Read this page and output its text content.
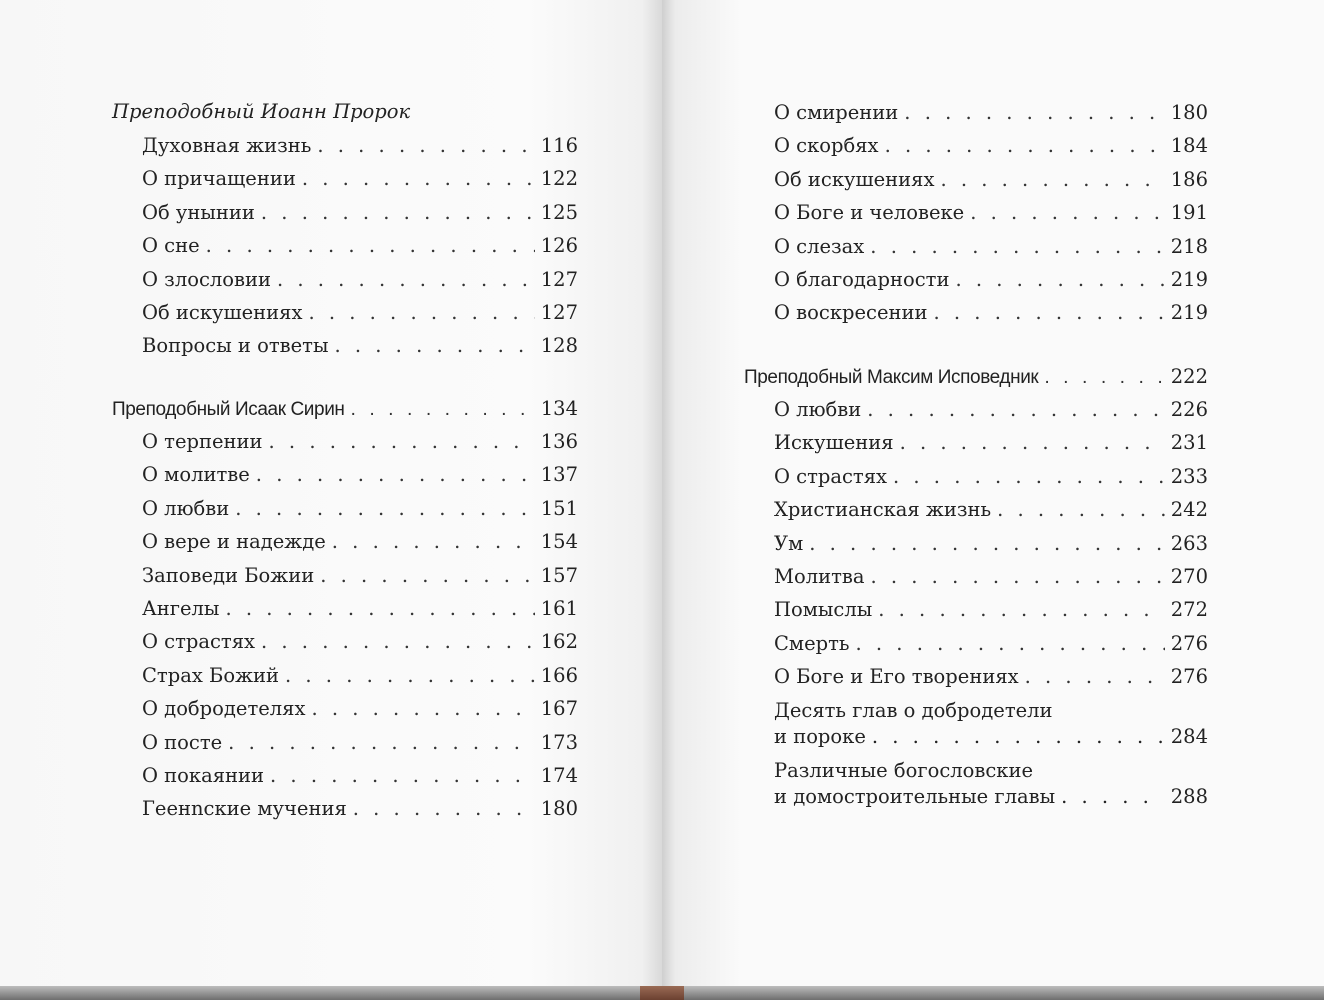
Преподобный Иоанн Пророк
Духовная жизнь . . .	116
О причащении . . .	122
Об унынии . . .	125
О сне . . .	126
О злословии . . .	127
Об искушениях . . .	127
Вопросы и ответы . . .	128
Преподобный Исаак Сирин . . .	134
О терпении . . .	136
О молитве . . .	137
О любви . . .	151
О вере и надежде . . .	154
Заповеди Божии . . .	157
Ангелы . . .	161
О страстях . . .	162
Страх Божий . . .	166
О добродетелях . . .	167
О посте . . .	173
О покаянии . . .	174
Геенnские мучения . . .	180
О смирении . . .	180
О скорбях . . .	184
Об искушениях . . .	186
О Боге и человеке . . .	191
О слезах . . .	218
О благодарности . . .	219
О воскресении . . .	219
Преподобный Максим Исповедник . . .	222
О любви . . .	226
Искушения . . .	231
О страстях . . .	233
Христианская жизнь . . .	242
Ум . . .	263
Молитва . . .	270
Помыслы . . .	272
Смерть . . .	276
О Боге и Его творениях . . .	276
Десять глав о добродетели
и пороке . . .	284
Различные богословские
и домостроительные главы . . .	288
